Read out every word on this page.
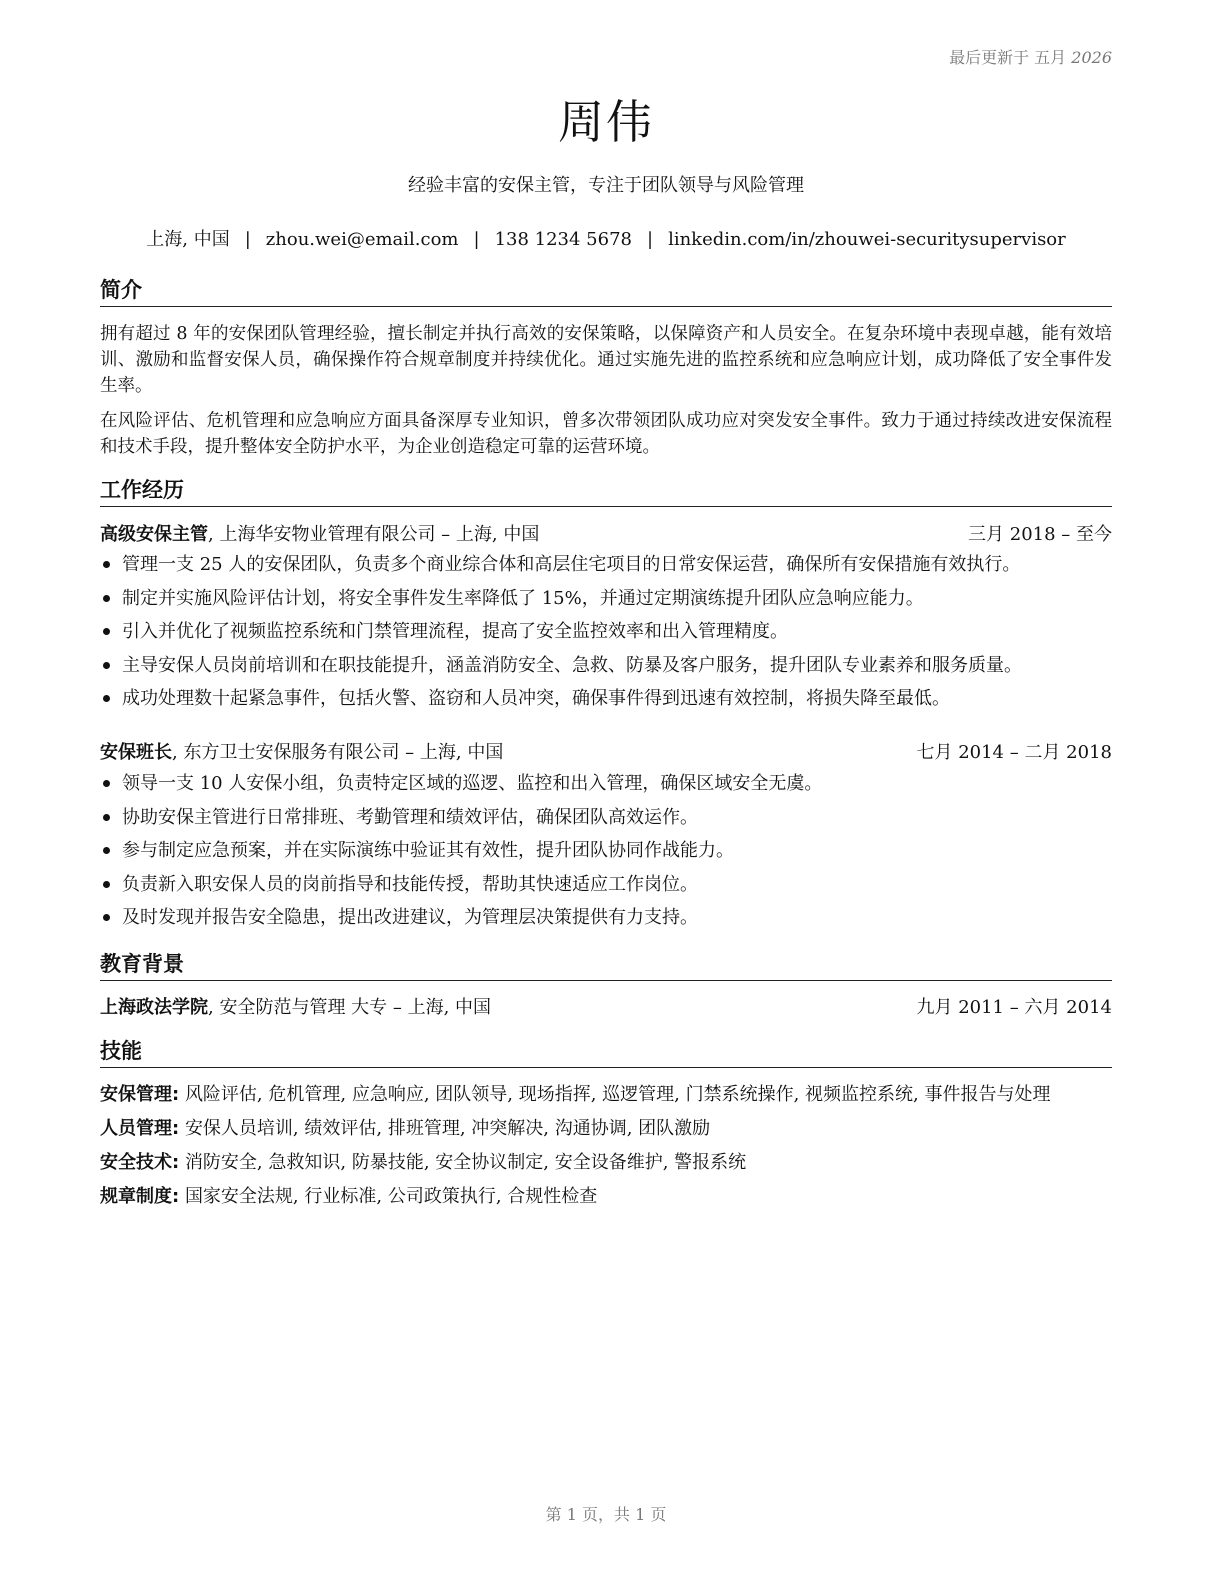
最后更新于 五月 2026
周伟
经验丰富的安保主管，专注于团队领导与风险管理
上海, 中国 | zhou.wei@email.com | 138 1234 5678 | linkedin.com/in/zhouwei-securitysupervisor
简介
拥有超过 8 年的安保团队管理经验，擅长制定并执行高效的安保策略，以保障资产和人员安全。在复杂环境中表现卓越，能有效培训、激励和监督安保人员，确保操作符合规章制度并持续优化。通过实施先进的监控系统和应急响应计划，成功降低了安全事件发生率。
在风险评估、危机管理和应急响应方面具备深厚专业知识，曾多次带领团队成功应对突发安全事件。致力于通过持续改进安保流程和技术手段，提升整体安全防护水平，为企业创造稳定可靠的运营环境。
工作经历
高级安保主管, 上海华安物业管理有限公司 – 上海, 中国	三月 2018 – 至今
管理一支 25 人的安保团队，负责多个商业综合体和高层住宅项目的日常安保运营，确保所有安保措施有效执行。
制定并实施风险评估计划，将安全事件发生率降低了 15%，并通过定期演练提升团队应急响应能力。
引入并优化了视频监控系统和门禁管理流程，提高了安全监控效率和出入管理精度。
主导安保人员岗前培训和在职技能提升，涵盖消防安全、急救、防暴及客户服务，提升团队专业素养和服务质量。
成功处理数十起紧急事件，包括火警、盗窃和人员冲突，确保事件得到迅速有效控制，将损失降至最低。
安保班长, 东方卫士安保服务有限公司 – 上海, 中国	七月 2014 – 二月 2018
领导一支 10 人安保小组，负责特定区域的巡逻、监控和出入管理，确保区域安全无虞。
协助安保主管进行日常排班、考勤管理和绩效评估，确保团队高效运作。
参与制定应急预案，并在实际演练中验证其有效性，提升团队协同作战能力。
负责新入职安保人员的岗前指导和技能传授，帮助其快速适应工作岗位。
及时发现并报告安全隐患，提出改进建议，为管理层决策提供有力支持。
教育背景
上海政法学院, 安全防范与管理 大专 – 上海, 中国	九月 2011 – 六月 2014
技能
安保管理: 风险评估, 危机管理, 应急响应, 团队领导, 现场指挥, 巡逻管理, 门禁系统操作, 视频监控系统, 事件报告与处理
人员管理: 安保人员培训, 绩效评估, 排班管理, 冲突解决, 沟通协调, 团队激励
安全技术: 消防安全, 急救知识, 防暴技能, 安全协议制定, 安全设备维护, 警报系统
规章制度: 国家安全法规, 行业标准, 公司政策执行, 合规性检查
第 1 页，共 1 页
